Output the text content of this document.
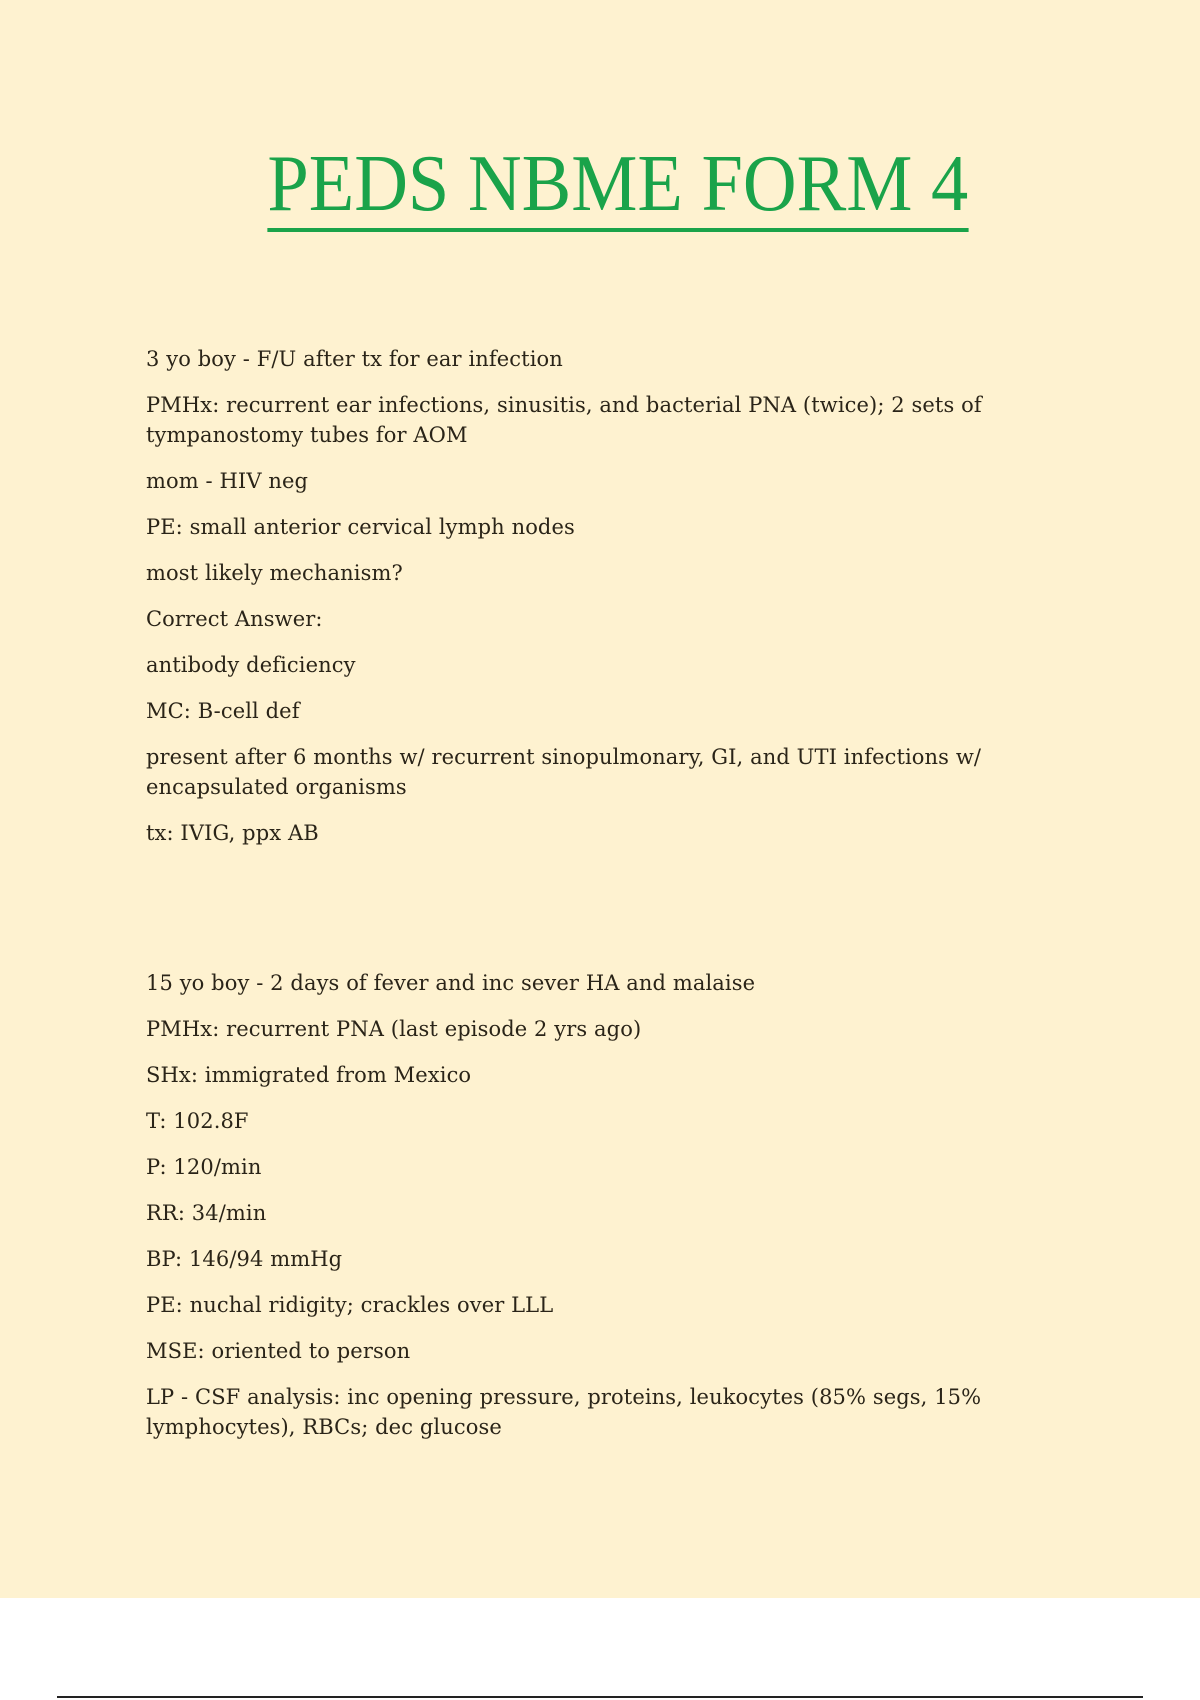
PEDS NBME FORM 4

3 yo boy - F/U after tx for ear infection

PMHx: recurrent ear infections, sinusitis, and bacterial PNA (twice); 2 sets of tympanostomy tubes for AOM

mom - HIV neg

PE: small anterior cervical lymph nodes

most likely mechanism?

Correct Answer:

antibody deficiency

MC: B-cell def

present after 6 months w/ recurrent sinopulmonary, GI, and UTI infections w/ encapsulated organisms

tx: IVIG, ppx AB

15 yo boy - 2 days of fever and inc sever HA and malaise

PMHx: recurrent PNA (last episode 2 yrs ago)

SHx: immigrated from Mexico

T: 102.8F

P: 120/min

RR: 34/min

BP: 146/94 mmHg

PE: nuchal ridigity; crackles over LLL

MSE: oriented to person

LP - CSF analysis: inc opening pressure, proteins, leukocytes (85% segs, 15% lymphocytes), RBCs; dec glucose
